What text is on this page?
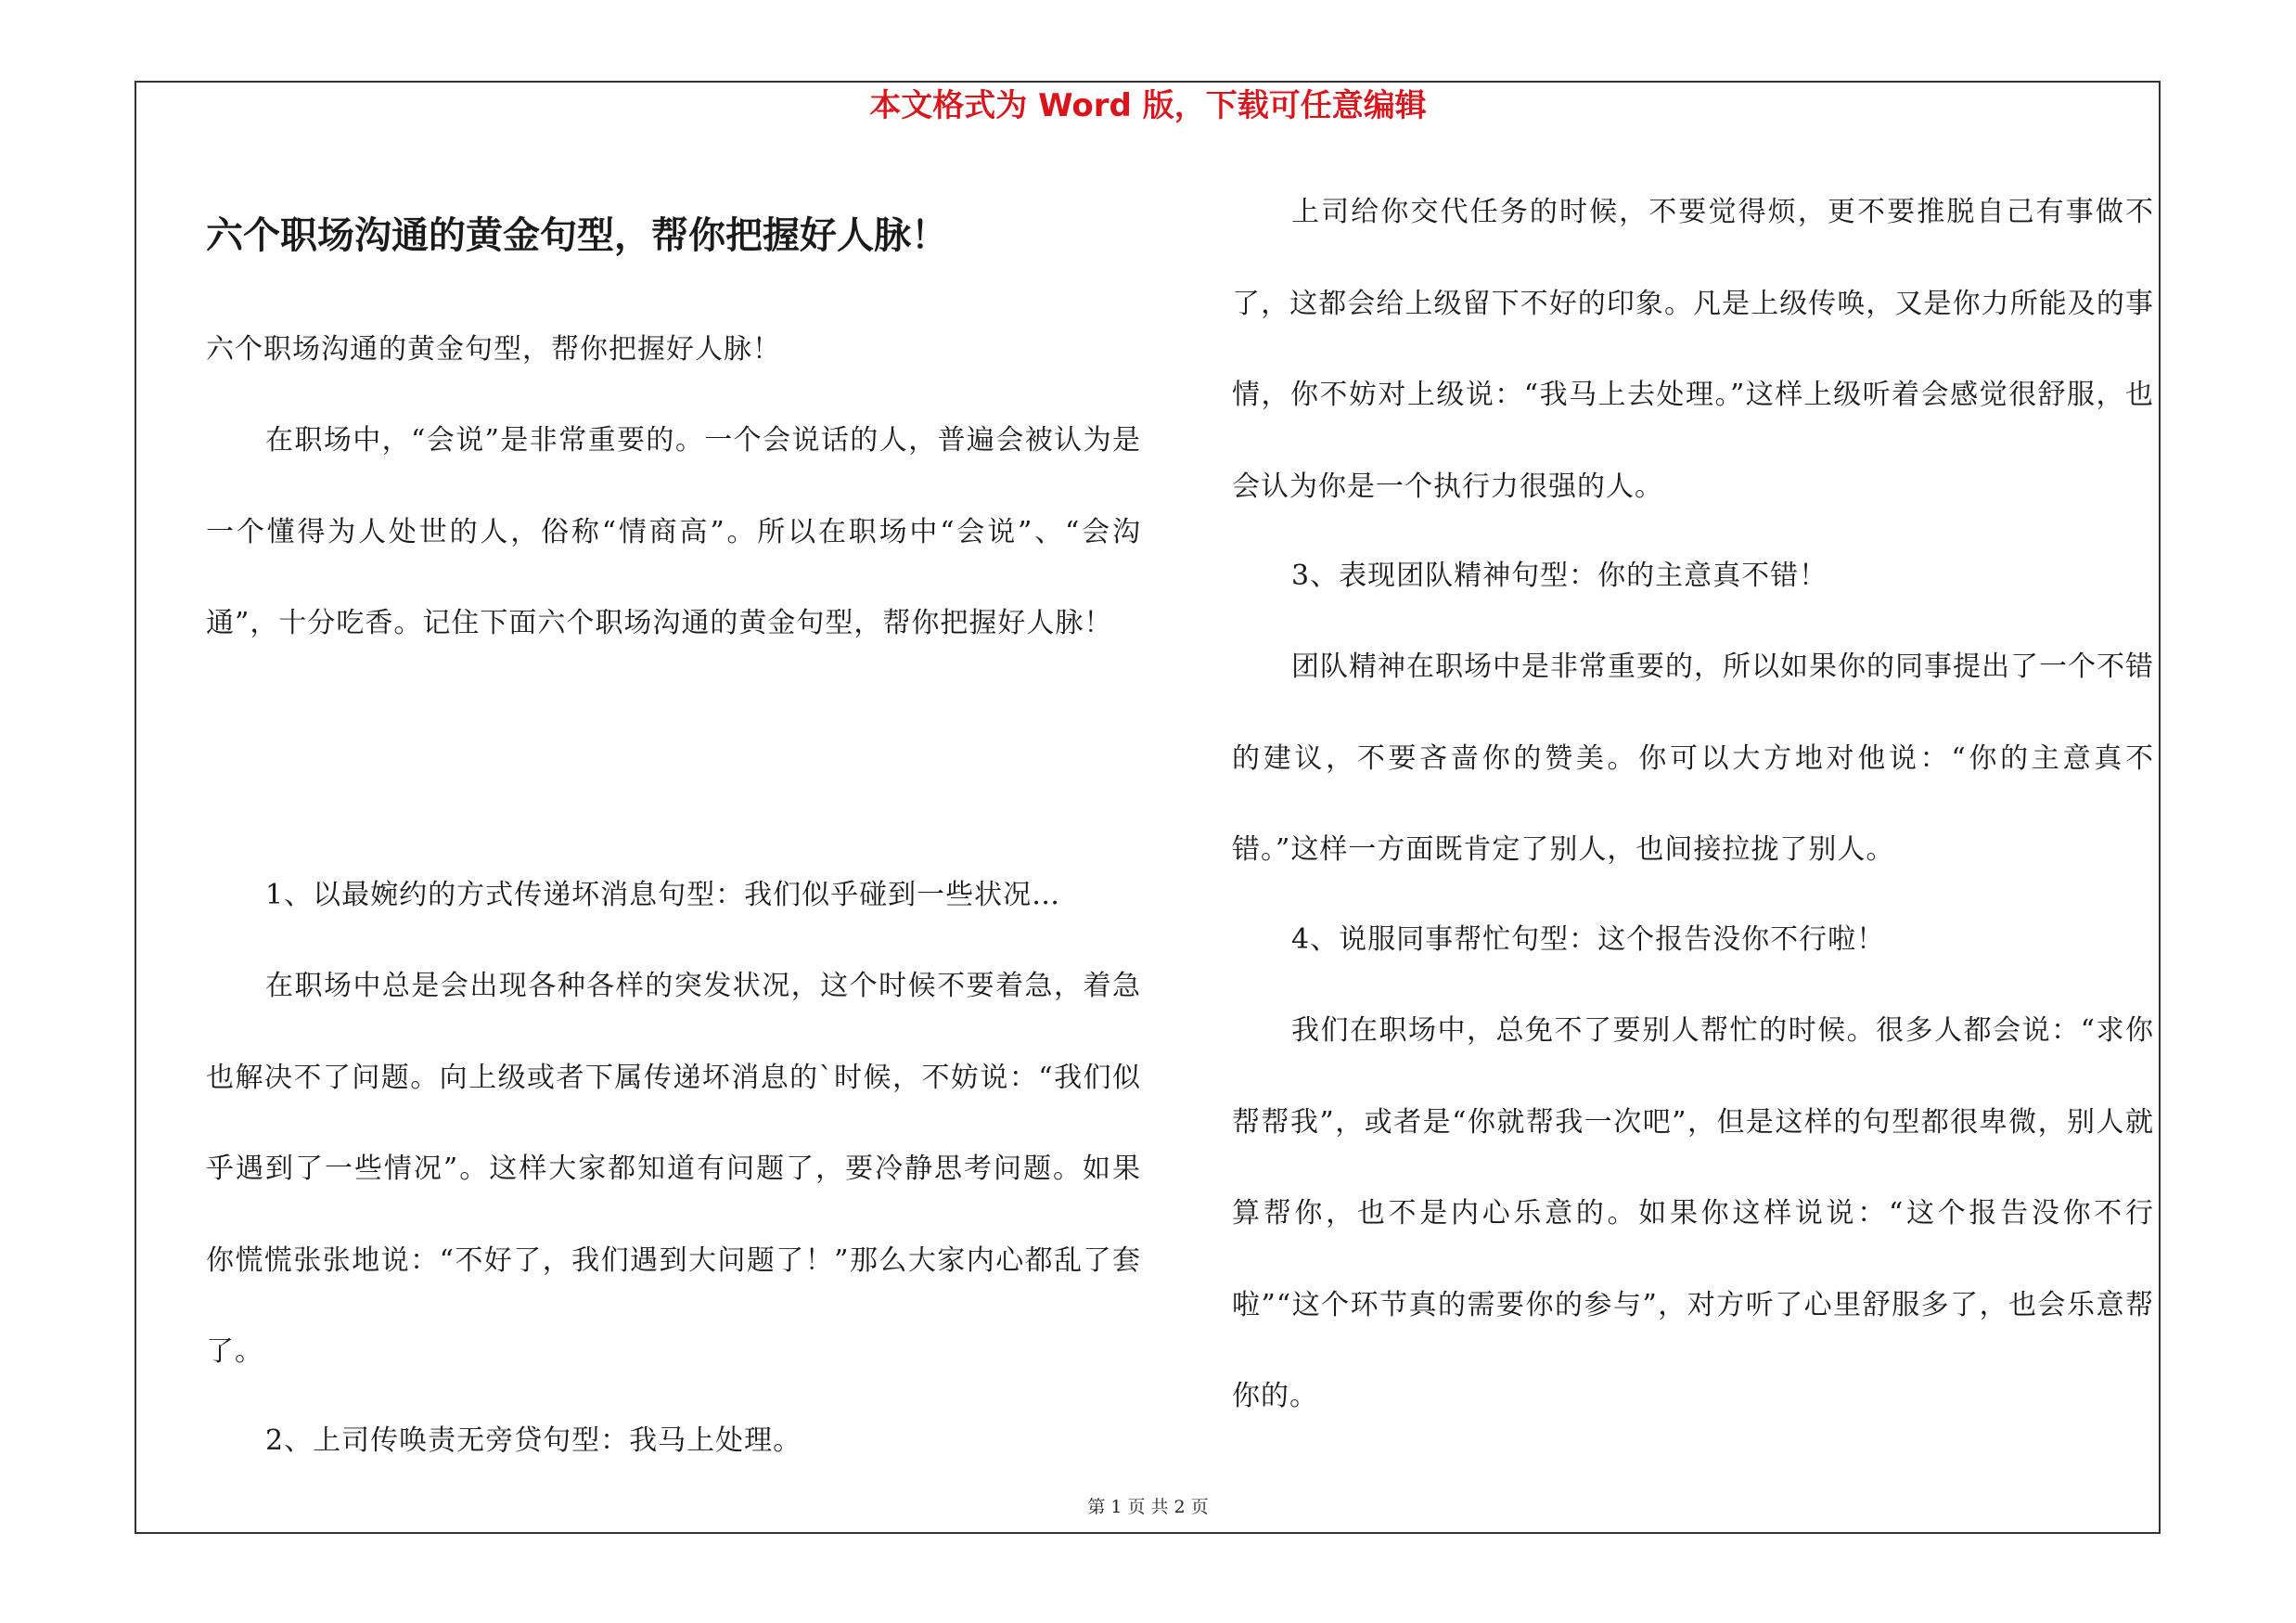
本文格式为 Word 版，下载可任意编辑
六个职场沟通的黄金句型，帮你把握好人脉！

六个职场沟通的黄金句型，帮你把握好人脉！

在职场中，“会说”是非常重要的。一个会说话的人，普遍会被认为是一个懂得为人处世的人，俗称“情商高”。所以在职场中“会说”、“会沟通”，十分吃香。记住下面六个职场沟通的黄金句型，帮你把握好人脉！

1、以最婉约的方式传递坏消息句型：我们似乎碰到一些状况…

在职场中总是会出现各种各样的突发状况，这个时候不要着急，着急也解决不了问题。向上级或者下属传递坏消息的`时候，不妨说：“我们似乎遇到了一些情况”。这样大家都知道有问题了，要冷静思考问题。如果你慌慌张张地说：“不好了，我们遇到大问题了！”那么大家内心都乱了套了。

2、上司传唤责无旁贷句型：我马上处理。

上司给你交代任务的时候，不要觉得烦，更不要推脱自己有事做不了，这都会给上级留下不好的印象。凡是上级传唤，又是你力所能及的事情，你不妨对上级说：“我马上去处理。”这样上级听着会感觉很舒服，也会认为你是一个执行力很强的人。

3、表现团队精神句型：你的主意真不错！

团队精神在职场中是非常重要的，所以如果你的同事提出了一个不错的建议，不要吝啬你的赞美。你可以大方地对他说：“你的主意真不错。”这样一方面既肯定了别人，也间接拉拢了别人。

4、说服同事帮忙句型：这个报告没你不行啦！

我们在职场中，总免不了要别人帮忙的时候。很多人都会说：“求你帮帮我”，或者是“你就帮我一次吧”，但是这样的句型都很卑微，别人就算帮你，也不是内心乐意的。如果你这样说说：“这个报告没你不行啦”“这个环节真的需要你的参与”，对方听了心里舒服多了，也会乐意帮你的。

第 1 页 共 2 页
